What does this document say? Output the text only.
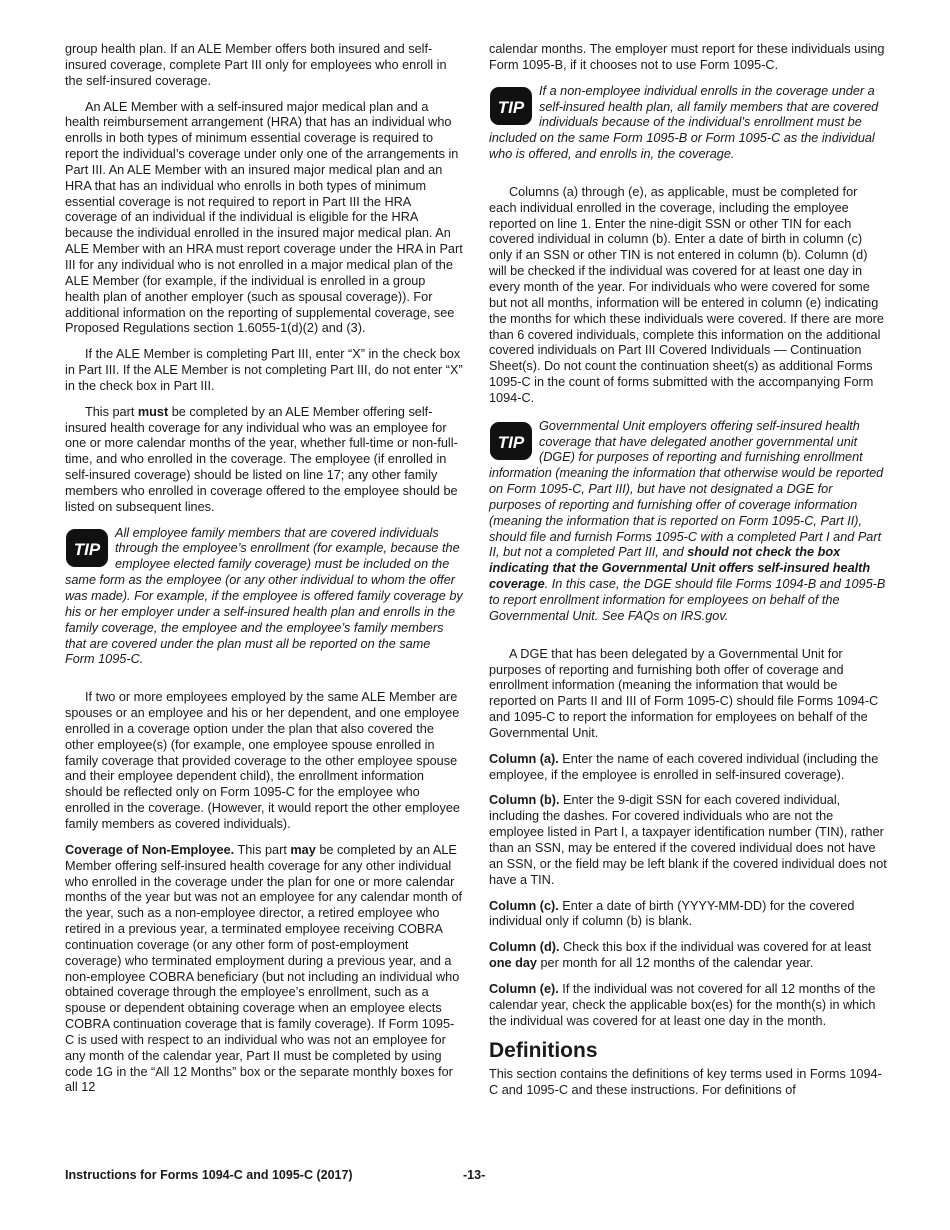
group health plan. If an ALE Member offers both insured and self-insured coverage, complete Part III only for employees who enroll in the self-insured coverage.

An ALE Member with a self-insured major medical plan and a health reimbursement arrangement (HRA) that has an individual who enrolls in both types of minimum essential coverage is required to report the individual’s coverage under only one of the arrangements in Part III. An ALE Member with an insured major medical plan and an HRA that has an individual who enrolls in both types of minimum essential coverage is not required to report in Part III the HRA coverage of an individual if the individual is eligible for the HRA because the individual enrolled in the insured major medical plan. An ALE Member with an HRA must report coverage under the HRA in Part III for any individual who is not enrolled in a major medical plan of the ALE Member (for example, if the individual is enrolled in a group health plan of another employer (such as spousal coverage)). For additional information on the reporting of supplemental coverage, see Proposed Regulations section 1.6055-1(d)(2) and (3).

If the ALE Member is completing Part III, enter “X” in the check box in Part III. If the ALE Member is not completing Part III, do not enter “X” in the check box in Part III.

This part must be completed by an ALE Member offering self-insured health coverage for any individual who was an employee for one or more calendar months of the year, whether full-time or non-full-time, and who enrolled in the coverage. The employee (if enrolled in self-insured coverage) should be listed on line 17; any other family members who enrolled in coverage offered to the employee should be listed on subsequent lines.

TIP
All employee family members that are covered individuals through the employee’s enrollment (for example, because the employee elected family coverage) must be included on the same form as the employee (or any other individual to whom the offer was made). For example, if the employee is offered family coverage by his or her employer under a self-insured health plan and enrolls in the family coverage, the employee and the employee’s family members that are covered under the plan must all be reported on the same Form 1095-C.

If two or more employees employed by the same ALE Member are spouses or an employee and his or her dependent, and one employee enrolled in a coverage option under the plan that also covered the other employee(s) (for example, one employee spouse enrolled in family coverage that provided coverage to the other employee spouse and their employee dependent child), the enrollment information should be reflected only on Form 1095-C for the employee who enrolled in the coverage. (However, it would report the other employee family members as covered individuals).

Coverage of Non-Employee. This part may be completed by an ALE Member offering self-insured health coverage for any other individual who enrolled in the coverage under the plan for one or more calendar months of the year but was not an employee for any calendar month of the year, such as a non-employee director, a retired employee who retired in a previous year, a terminated employee receiving COBRA continuation coverage (or any other form of post-employment coverage) who terminated employment during a previous year, and a non-employee COBRA beneficiary (but not including an individual who obtained coverage through the employee’s enrollment, such as a spouse or dependent obtaining coverage when an employee elects COBRA continuation coverage that is family coverage). If Form 1095-C is used with respect to an individual who was not an employee for any month of the calendar year, Part II must be completed by using code 1G in the “All 12 Months” box or the separate monthly boxes for all 12

calendar months. The employer must report for these individuals using Form 1095-B, if it chooses not to use Form 1095-C.

TIP
If a non-employee individual enrolls in the coverage under a self-insured health plan, all family members that are covered individuals because of the individual’s enrollment must be included on the same Form 1095-B or Form 1095-C as the individual who is offered, and enrolls in, the coverage.

Columns (a) through (e), as applicable, must be completed for each individual enrolled in the coverage, including the employee reported on line 1. Enter the nine-digit SSN or other TIN for each covered individual in column (b). Enter a date of birth in column (c) only if an SSN or other TIN is not entered in column (b). Column (d) will be checked if the individual was covered for at least one day in every month of the year. For individuals who were covered for some but not all months, information will be entered in column (e) indicating the months for which these individuals were covered. If there are more than 6 covered individuals, complete this information on the additional covered individuals on Part III Covered Individuals — Continuation Sheet(s). Do not count the continuation sheet(s) as additional Forms 1095-C in the count of forms submitted with the accompanying Form 1094-C.

TIP
Governmental Unit employers offering self-insured health coverage that have delegated another governmental unit (DGE) for purposes of reporting and furnishing enrollment information (meaning the information that otherwise would be reported on Form 1095-C, Part III), but have not designated a DGE for purposes of reporting and furnishing offer of coverage information (meaning the information that is reported on Form 1095-C, Part II), should file and furnish Forms 1095-C with a completed Part I and Part II, but not a completed Part III, and should not check the box indicating that the Governmental Unit offers self-insured health coverage. In this case, the DGE should file Forms 1094-B and 1095-B to report enrollment information for employees on behalf of the Governmental Unit. See FAQs on IRS.gov.

A DGE that has been delegated by a Governmental Unit for purposes of reporting and furnishing both offer of coverage and enrollment information (meaning the information that would be reported on Parts II and III of Form 1095-C) should file Forms 1094-C and 1095-C to report the information for employees on behalf of the Governmental Unit.

Column (a). Enter the name of each covered individual (including the employee, if the employee is enrolled in self-insured coverage).

Column (b). Enter the 9-digit SSN for each covered individual, including the dashes. For covered individuals who are not the employee listed in Part I, a taxpayer identification number (TIN), rather than an SSN, may be entered if the covered individual does not have an SSN, or the field may be left blank if the covered individual does not have a TIN.

Column (c). Enter a date of birth (YYYY-MM-DD) for the covered individual only if column (b) is blank.

Column (d). Check this box if the individual was covered for at least one day per month for all 12 months of the calendar year.

Column (e). If the individual was not covered for all 12 months of the calendar year, check the applicable box(es) for the month(s) in which the individual was covered for at least one day in the month.

Definitions

This section contains the definitions of key terms used in Forms 1094-C and 1095-C and these instructions. For definitions of

Instructions for Forms 1094-C and 1095-C (2017)	-13-
